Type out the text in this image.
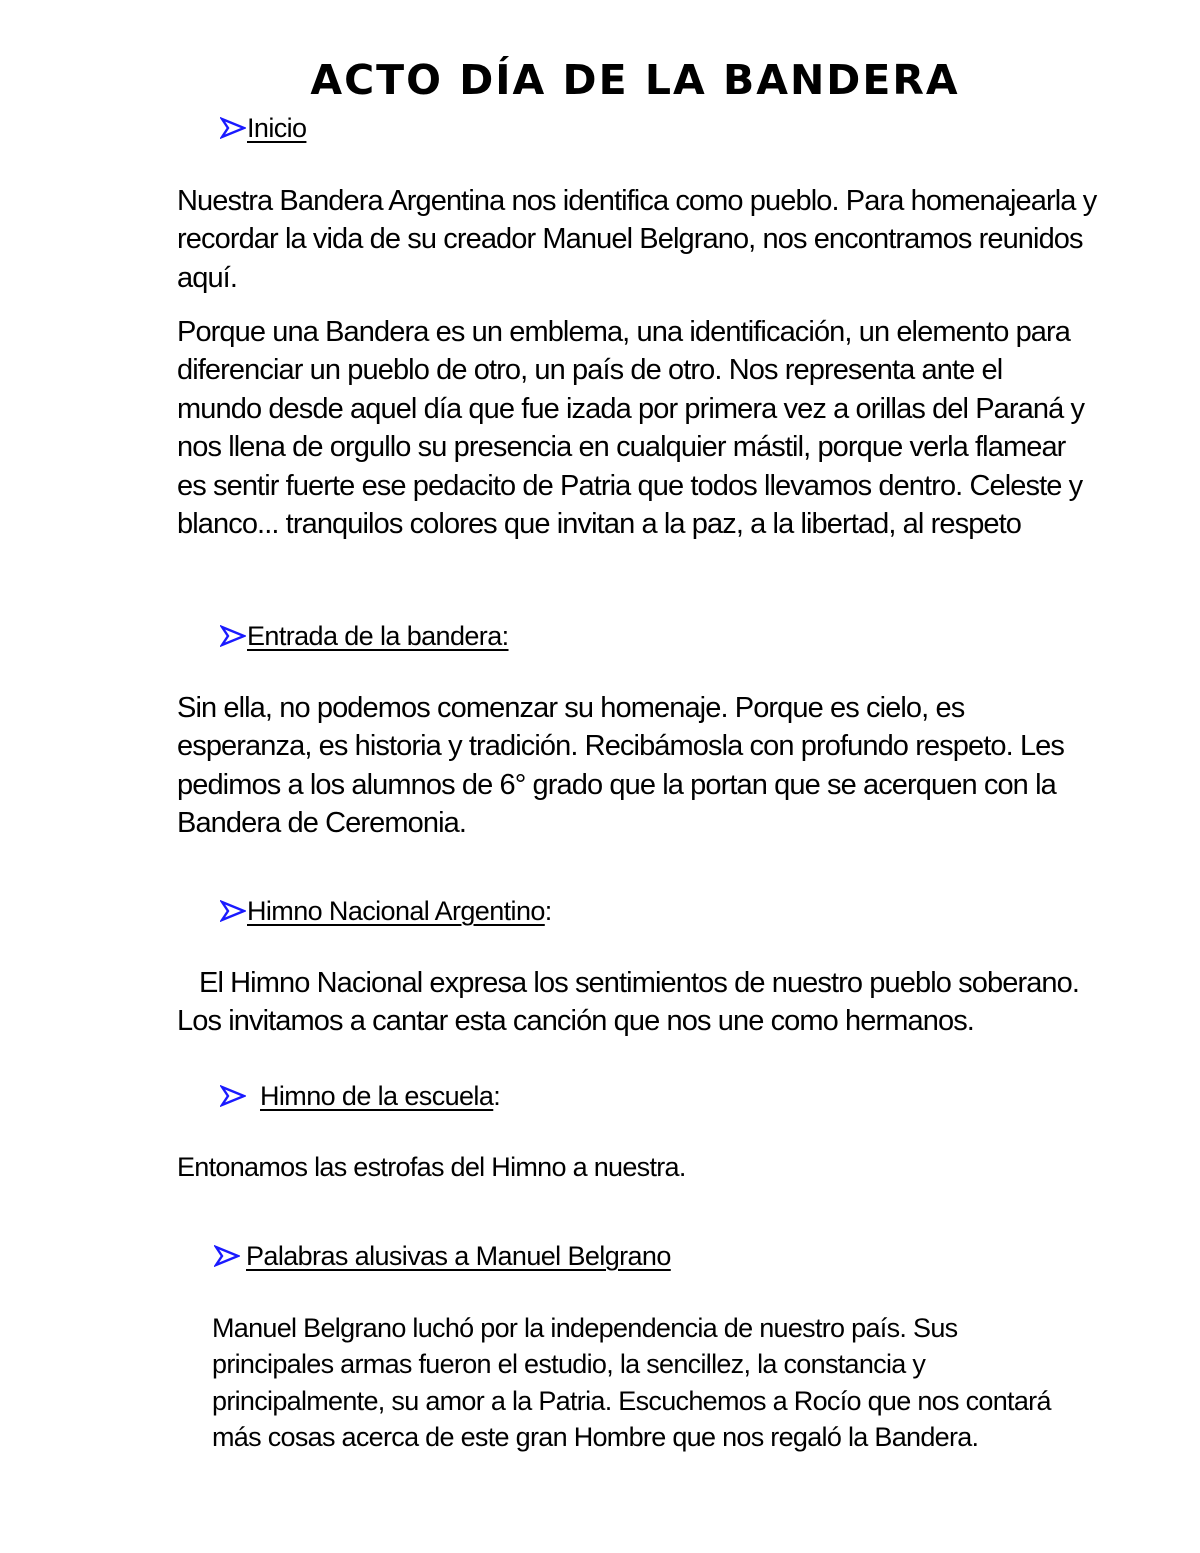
ACTO DÍA DE LA BANDERA
Inicio

Nuestra Bandera Argentina nos identifica como pueblo. Para homenajearla y recordar la vida de su creador Manuel Belgrano, nos encontramos reunidos aquí.

Porque una Bandera es un emblema, una identificación, un elemento para diferenciar un pueblo de otro, un país de otro. Nos representa ante el mundo desde aquel día que fue izada por primera vez a orillas del Paraná y nos llena de orgullo su presencia en cualquier mástil, porque verla flamear es sentir fuerte ese pedacito de Patria que todos llevamos dentro. Celeste y blanco... tranquilos colores que invitan a la paz, a la libertad, al respeto

Entrada de la bandera:

Sin ella, no podemos comenzar su homenaje. Porque es cielo, es esperanza, es historia y tradición. Recibámosla con profundo respeto. Les pedimos a los alumnos de 6° grado que la portan que se acerquen con la Bandera de Ceremonia.

Himno Nacional Argentino:

El Himno Nacional expresa los sentimientos de nuestro pueblo soberano. Los invitamos a cantar esta canción que nos une como hermanos.

Himno de la escuela:

Entonamos las estrofas del Himno a nuestra.

Palabras alusivas a Manuel Belgrano

Manuel Belgrano luchó por la independencia de nuestro país. Sus principales armas fueron el estudio, la sencillez, la constancia y principalmente, su amor a la Patria. Escuchemos a Rocío que nos contará más cosas acerca de este gran Hombre que nos regaló la Bandera.
